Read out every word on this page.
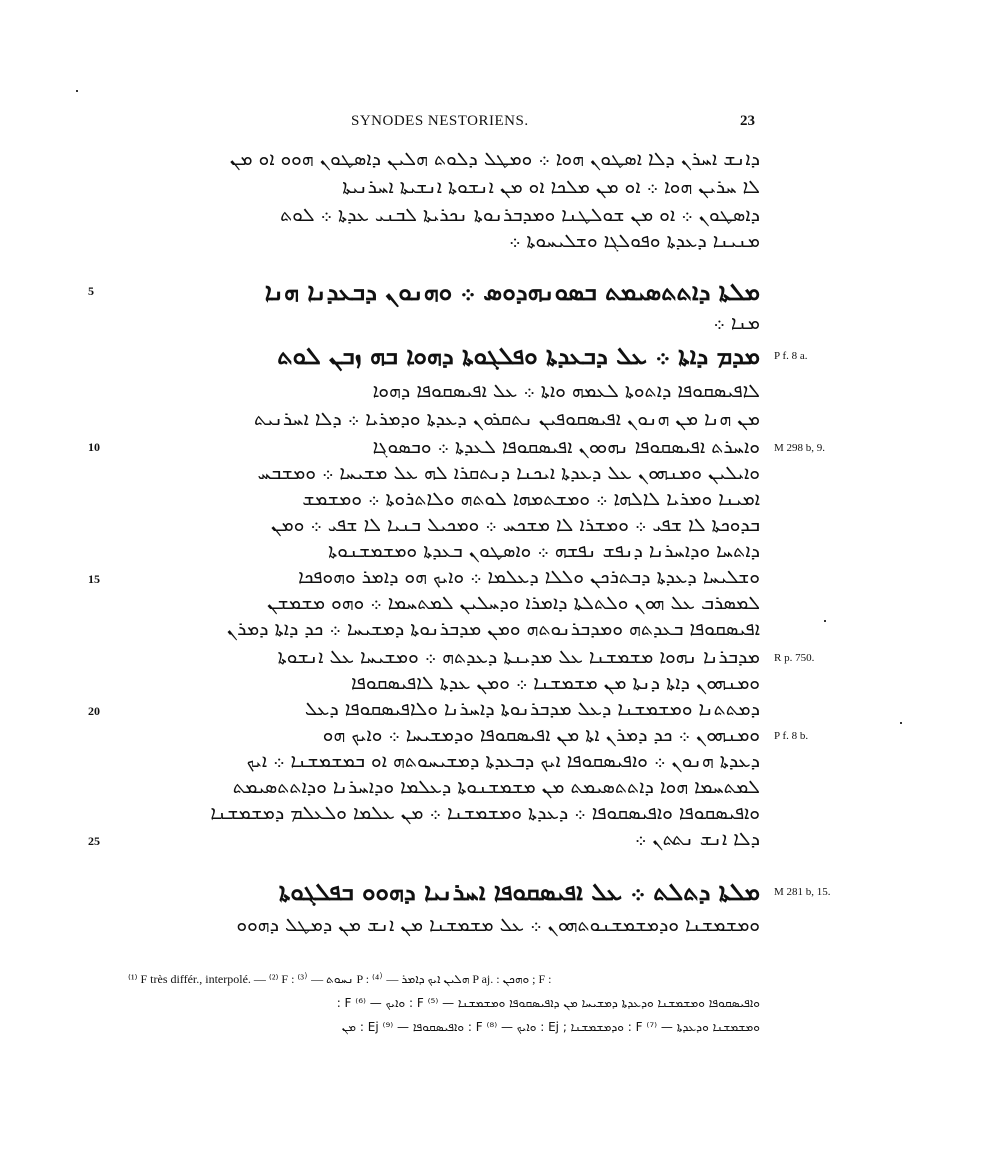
SYNODES NESTORIENS.	23
ܕܐܢܫ ܐܚܪܢ ܕܠܐ ܐܣܛܘܢ ܗܘܐ ܀ ܘܡܛܠ ܕܠܘܬ ܗܠܝܢ ܕܐܣܛܘܢ ܗܘܘ ܐܘ ܡܢ
ܠܐ ܚܪܝܢ ܗܘܐ ܀ ܐܘ ܡܢ ܡܠܟܐ ܐܘ ܡܢ ܐܢܫܘܬܐ ܐܢܫܝܬܐ ܐܚܪܢܝܬܐ
ܕܐܣܛܘܢ ܀ ܐܘ ܡܢ ܫܘܠܛܢܐ ܘܡܕܒܪܢܘܬܐ ܢܟܪܝܬܐ ܠܒܢܝ ܥܕܬܐ ܀ ܠܘܬ
ܡܢܝܢܐ ܕܥܕܬܐ ܘܦܘܠܓܐ ܘܫܠܝܚܘܬܐ ܀
5	ܡܠܬܐ ܕܐܬܬܣܝܡܬ ܒܣܘܢܗܕܘܣ ܀ ܘܗܢܘܢ ܕܒܥܕܢܐ ܗܢܐ
ܡܢܐ ܀
ܡܕܡ ܕܐܬܐ ܀ ܥܠ ܕܒܥܕܬܐ ܘܦܠܓܘܬܐ ܕܗܘܐ ܒܗ ܙܒܢ ܠܘܬ P f. 8 a.
ܠܐܦܝܣܩܘܦܐ ܕܐܬܘܬܐ ܠܥܡܗ ܘܐܬܐ ܀ ܥܠ ܐܦܝܣܩܘܦܐ ܕܗܘܐ
ܡܢ ܗܢܐ ܡܢ ܗܢܘܢ ܐܦܝܣܩܘܦܝܢ ܢܬܩܪܘܢ ܕܥܕܬܐ ܘܕܡܪܝܐ ܀ ܕܠܐ ܐܚܪܢܝܬ
10	ܘܐܚܪܬ ܐܦܝܣܩܘܦܐ ܢܗܘܘܢ ܐܦܝܣܩܘܦܐ ܠܥܕܬܐ ܀ ܘܒܣܘܓܐ M 298 b, 9.
ܘܐܝܠܝܢ ܘܡܢܗܘܢ ܥܠ ܕܥܕܬܐ ܐܝܟܢܐ ܕܢܬܩܪܐ ܠܗ ܥܠ ܡܫܝܚܐ ܀ ܘܡܫܒܚ
ܐܡܝܢܐ ܘܡܪܝܐ ܠܐܠܗܐ ܀ ܘܡܫܬܡܗܐ ܠܘܬܗ ܘܠܐܬܪܘܬܐ ܀ ܘܡܫܡܫ
ܒܕܘܟܬܐ ܠܐ ܫܦܝ ܀ ܘܡܫܪܐ ܠܐ ܡܫܟܚ ܀ ܘܡܟܝܠ ܒܢܝܐ ܠܐ ܫܦܝ ܀ ܘܡܢ
ܕܐܬܚܐ ܘܕܐܚܪܢܐ ܕܢܦܫ ܢܦܫܗ ܀ ܘܐܣܛܘܢ ܒܥܕܬܐ ܘܡܫܡܫܢܘܬܐ
15	ܘܫܠܝܚܐ ܕܥܕܬܐ ܕܒܬܪܟܢ ܘܠܠܐ ܕܥܠܡܐ ܀ ܘܐܝܟ ܗܘ ܕܐܡܪ ܘܗܘܦܟܐ
ܠܡܣܪܒ ܥܠ ܗܘܢ ܘܠܬܠܬܐ ܕܐܡܪܐ ܘܕܚܠܝܢ ܠܡܬܚܡܐ ܀ ܘܗܘ ܡܫܡܫܢ
ܐܦܝܣܩܘܦܐ ܒܥܕܬܗ ܘܡܕܒܪܢܘܬܗ ܘܡܢ ܡܕܒܪܢܘܬܐ ܕܡܫܝܚܐ ܀ ܟܕ ܕܐܬܐ ܕܡܪܢ
ܡܕܒܪܢܐ ܢܗܘܐ ܡܫܡܫܢܐ ܥܠ ܡܕܝܢܬܐ ܕܥܕܬܗ ܀ ܘܡܫܝܚܐ ܥܠ ܐܢܫܘܬܐ R p. 750.
ܘܡܢܗܘܢ ܕܐܬܐ ܕܢܬܐ ܡܢ ܡܫܡܫܢܐ ܀ ܘܡܢ ܥܕܬܐ ܠܐܦܝܣܩܘܦܐ
20	ܕܡܬܬܢܐ ܘܡܫܡܫܢܐ ܕܥܠ ܡܕܒܪܢܘܬܐ ܕܐܚܪܢܐ ܘܠܐܦܝܣܩܘܦܐ ܕܥܠ
ܘܡܢܗܘܢ ܀ ܟܕ ܕܡܪܢ ܐܬܐ ܡܢ ܐܦܝܣܩܘܦܐ ܘܕܡܫܝܚܐ ܀ ܘܐܝܟ ܗܘ P f. 8 b.
ܕܥܕܬܐ ܗܢܘܢ ܀ ܘܐܦܝܣܩܘܦܐ ܐܝܟ ܕܒܥܕܬܐ ܕܡܫܝܚܘܬܗ ܐܘ ܒܡܫܡܫܢܐ ܀ ܐܝܟ
ܠܡܬܚܡܐ ܗܘܐ ܕܐܬܬܣܝܡܬ ܡܢ ܡܫܡܫܢܘܬܐ ܕܥܠܡܐ ܘܕܐܚܪܢܐ ܘܕܐܬܬܣܝܡܬ
ܘܐܦܝܣܩܘܦܐ ܘܐܦܝܣܩܘܦܐ ܀ ܕܥܕܬܐ ܘܡܫܡܫܢܐ ܀ ܡܢ ܥܠܡܐ ܘܠܥܠܡ ܕܡܫܡܫܢܐ
25	ܕܠܐ ܐܢܫ ܢܬܬܢ ܀
ܡܠܬܐ ܕܬܠܬ ܀ ܥܠ ܐܦܝܣܩܘܦܐ ܐܚܪܢܝܐ ܕܗܘܘ ܒܦܠܓܘܬܐ M 281 b, 15.
ܘܡܫܡܫܢܐ ܘܕܡܫܡܫܢܘܬܗܘܢ ܀ ܥܠ ܡܫܡܫܢܐ ܡܢ ܐܢܫ ܡܢ ܕܡܛܠ ܕܗܘܘ
⁽¹⁾ F très différ., interpolé. — ⁽²⁾ F : ܢܚܘܬ — ⁽³⁾ P : ܗܠܝܢ ܐܝܟ ܕܐܡܪ — ⁽⁴⁾ P aj. : ܘܗܟܢ ; F :
ܘܐܦܝܣܩܘܦܐ ܘܡܫܡܫܢܐ ܘܕܥܕܬܐ ܕܡܫܝܚܐ ܡܢ ܕܐܦܝܣܩܘܦܐ ܘܡܫܡܫܢܐ — ⁽⁵⁾ F : ܘܐܝܟ — ⁽⁶⁾ F :
ܘܡܫܡܫܢܐ ܘܕܥܕܬܐ — ⁽⁷⁾ F : ܘܕܡܫܡܫܢܐ ; Ej : ܘܐܝܟ — ⁽⁸⁾ F : ܘܐܦܝܣܩܘܦܐ — ⁽⁹⁾ Ej : ܡܢ
